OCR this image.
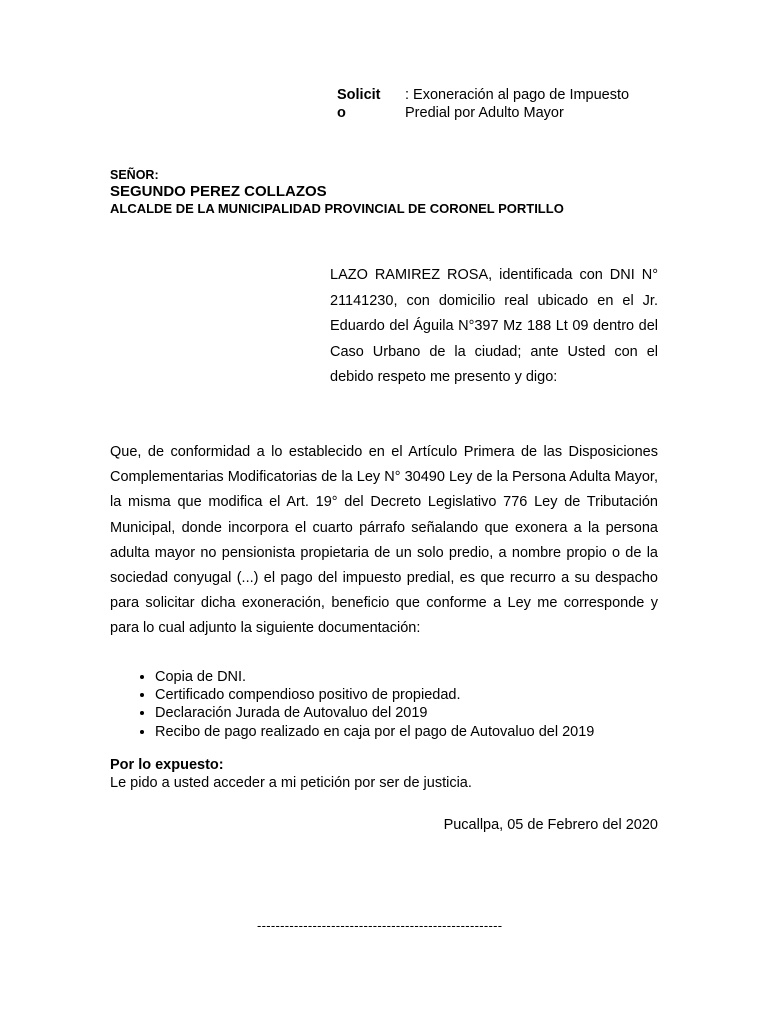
Solicito
: Exoneración al pago de Impuesto Predial por Adulto Mayor
SEÑOR:
SEGUNDO PEREZ COLLAZOS
ALCALDE DE LA MUNICIPALIDAD PROVINCIAL DE CORONEL PORTILLO
LAZO RAMIREZ ROSA, identificada con DNI N° 21141230, con domicilio real ubicado en el Jr. Eduardo del Águila N°397 Mz 188 Lt 09 dentro del Caso Urbano de la ciudad; ante Usted con el debido respeto me presento y digo:
Que, de conformidad a lo establecido en el Artículo Primera de las Disposiciones Complementarias Modificatorias de la Ley N° 30490 Ley de la Persona Adulta Mayor, la misma que modifica el Art. 19° del Decreto Legislativo 776 Ley de Tributación Municipal, donde incorpora el cuarto párrafo señalando que exonera a la persona adulta mayor no pensionista propietaria de un solo predio, a nombre propio o de la sociedad conyugal (...) el pago del impuesto predial, es que recurro a su despacho para solicitar dicha exoneración, beneficio que conforme a Ley me corresponde y para lo cual adjunto la siguiente documentación:
• Copia de DNI.
• Certificado compendioso positivo de propiedad.
• Declaración Jurada de Autovaluo del 2019
• Recibo de pago realizado en caja por el pago de Autovaluo del 2019
Por lo expuesto:
Le pido a usted acceder a mi petición por ser de justicia.
Pucallpa, 05 de Febrero del 2020
-----------------------------------------------------
